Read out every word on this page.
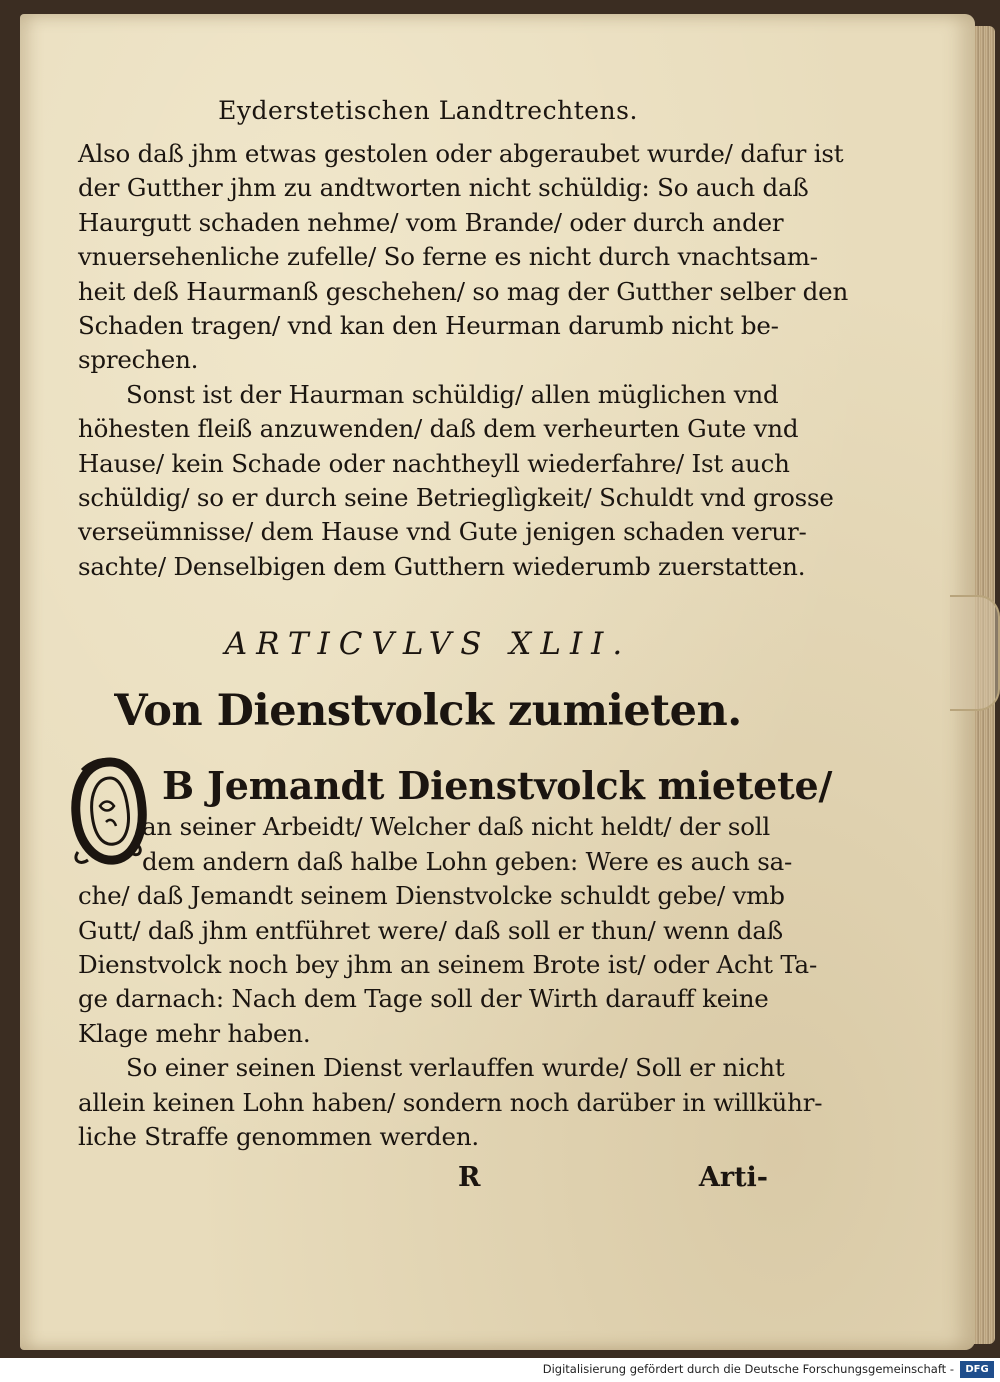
Eyderstetischen Landtrechtens.

Also daß jhm etwas gestolen oder abgeraubet wurde/ dafur ist
der Gutther jhm zu andtworten nicht schüldig: So auch daß
Haurgutt schaden nehme/ vom Brande/ oder durch ander
vnuersehenliche zufelle/ So ferne es nicht durch vnachtsam-
heit deß Haurmanß geschehen/ so mag der Gutther selber den
Schaden tragen/ vnd kan den Heurman darumb nicht be-
sprechen.

Sonst ist der Haurman schüldig/ allen müglichen vnd
höhesten fleiß anzuwenden/ daß dem verheurten Gute vnd
Hause/ kein Schade oder nachtheyll wiederfahre/ Ist auch
schüldig/ so er durch seine Betrieglìgkeit/ Schuldt vnd grosse
verseümnisse/ dem Hause vnd Gute jenigen schaden verur-
sachte/ Denselbigen dem Gutthern wiederumb zuerstatten.

ARTICVLVS XLII.
Von Dienstvolck zumieten.
B Jemandt Dienstvolck mietete/
an seiner Arbeidt/ Welcher daß nicht heldt/ der soll
dem andern daß halbe Lohn geben: Were es auch sa-
che/ daß Jemandt seinem Dienstvolcke schuldt gebe/ vmb
Gutt/ daß jhm entführet were/ daß soll er thun/ wenn daß
Dienstvolck noch bey jhm an seinem Brote ist/ oder Acht Ta-
ge darnach: Nach dem Tage soll der Wirth darauff keine
Klage mehr haben.

So einer seinen Dienst verlauffen wurde/ Soll er nicht
allein keinen Lohn haben/ sondern noch darüber in willkühr-
liche Straffe genommen werden.

R	Arti-
Digitalisierung gefördert durch die Deutsche Forschungsgemeinschaft -	DFG
